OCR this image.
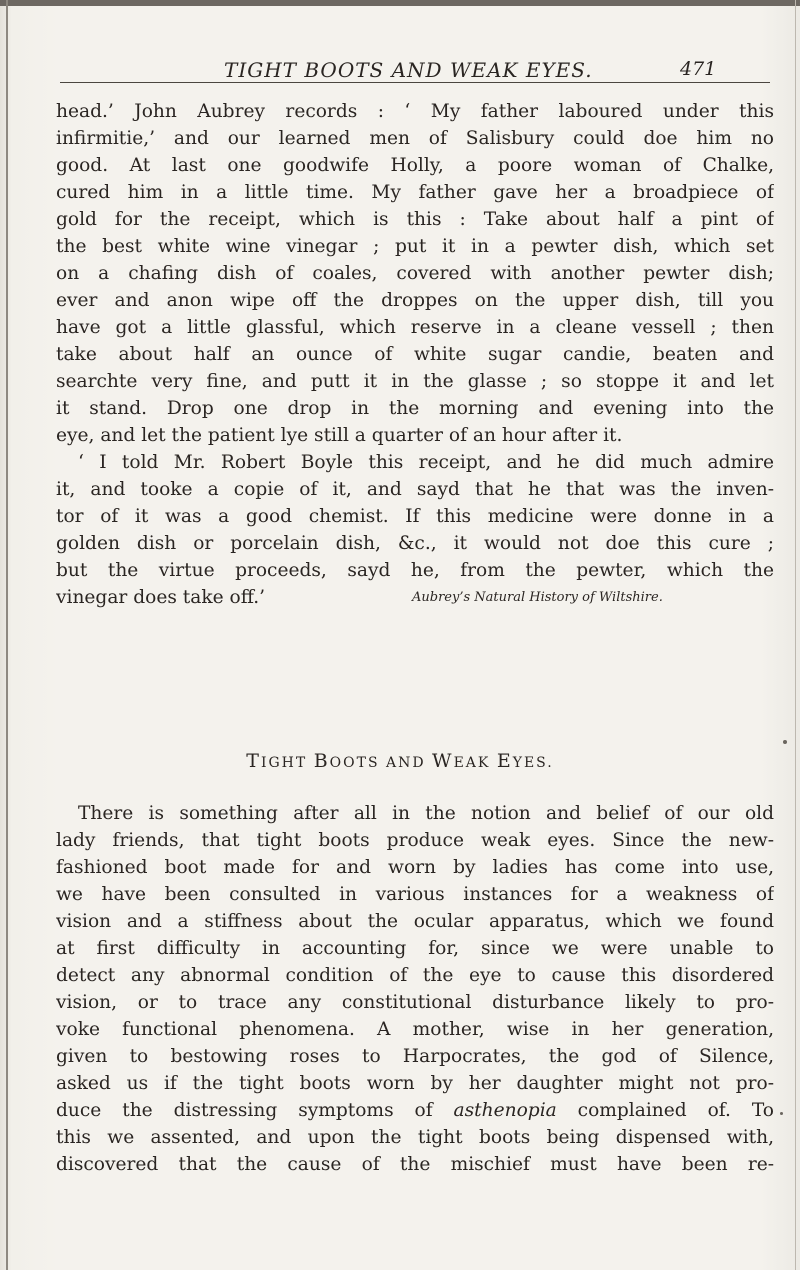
TIGHT BOOTS AND WEAK EYES.	471
head.’ John Aubrey records : ‘ My father laboured under this
infirmitie,’ and our learned men of Salisbury could doe him no
good. At last one goodwife Holly, a poore woman of Chalke,
cured him in a little time. My father gave her a broadpiece of
gold for the receipt, which is this : Take about half a pint of
the best white wine vinegar ; put it in a pewter dish, which set
on a chafing dish of coales, covered with another pewter dish;
ever and anon wipe off the droppes on the upper dish, till you
have got a little glassful, which reserve in a cleane vessell ; then
take about half an ounce of white sugar candie, beaten and
searchte very fine, and putt it in the glasse ; so stoppe it and let
it stand. Drop one drop in the morning and evening into the
eye, and let the patient lye still a quarter of an hour after it.
‘ I told Mr. Robert Boyle this receipt, and he did much admire
it, and tooke a copie of it, and sayd that he that was the inven-
tor of it was a good chemist. If this medicine were donne in a
golden dish or porcelain dish, &c., it would not doe this cure ;
but the virtue proceeds, sayd he, from the pewter, which the
vinegar does take off.’	Aubrey’s Natural History of Wiltshire.
TIGHT BOOTS AND WEAK EYES.
There is something after all in the notion and belief of our old
lady friends, that tight boots produce weak eyes. Since the new-
fashioned boot made for and worn by ladies has come into use,
we have been consulted in various instances for a weakness of
vision and a stiffness about the ocular apparatus, which we found
at first difficulty in accounting for, since we were unable to
detect any abnormal condition of the eye to cause this disordered
vision, or to trace any constitutional disturbance likely to pro-
voke functional phenomena. A mother, wise in her generation,
given to bestowing roses to Harpocrates, the god of Silence,
asked us if the tight boots worn by her daughter might not pro-
duce the distressing symptoms of asthenopia complained of. To
this we assented, and upon the tight boots being dispensed with,
discovered that the cause of the mischief must have been re-
